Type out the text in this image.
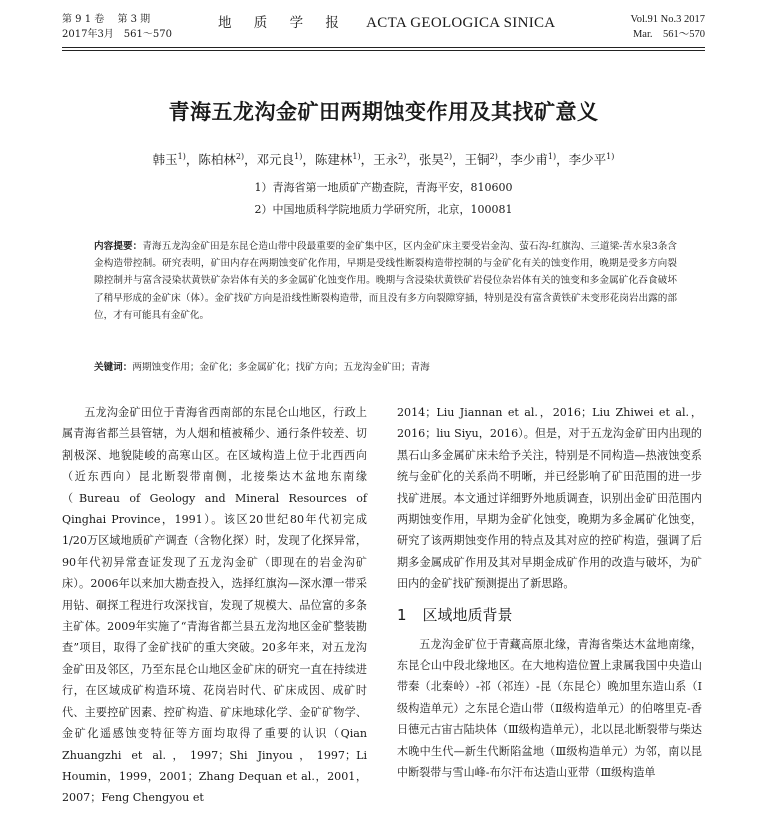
第 9 1 卷　 第 3 期
2017年3月　561～570
地 质 学 报 ACTA GEOLOGICA SINICA	Vol.91 No.3 2017
Mar.　561～570
青海五龙沟金矿田两期蚀变作用及其找矿意义
韩玉$^{1)}$，陈柏林$^{2)}$，邓元良$^{1)}$，陈建林$^{1)}$，王永$^{2)}$，张昊$^{2)}$，王铜$^{2)}$，李少甫$^{1)}$，李少平$^{1)}$
1）青海省第一地质矿产勘查院，青海平安，810600
2）中国地质科学院地质力学研究所，北京，100081
内容提要：青海五龙沟金矿田是东昆仑造山带中段最重要的金矿集中区，区内金矿床主要受岩金沟、萤石沟-红旗沟、三道梁-苦水泉3条含金构造带控制。研究表明，矿田内存在两期蚀变矿化作用，早期是受线性断裂构造带控制的与金矿化有关的蚀变作用，晚期是受多方向裂隙控制并与富含浸染状黄铁矿杂岩体有关的多金属矿化蚀变作用。晚期与含浸染状黄铁矿岩侵位杂岩体有关的蚀变和多金属矿化吞食破坏了稍早形成的金矿床（体）。金矿找矿方向是沿线性断裂构造带，而且没有多方向裂隙穿插，特别是没有富含黄铁矿未变形花岗岩出露的部位，才有可能具有金矿化。
关键词：两期蚀变作用；金矿化；多金属矿化；找矿方向；五龙沟金矿田；青海

五龙沟金矿田位于青海省西南部的东昆仑山地区，行政上属青海省都兰县管辖，为人烟和植被稀少、通行条件较差、切割极深、地貌陡峻的高寒山区。在区域构造上位于北西西向（近东西向）昆北断裂带南侧，北接柴达木盆地东南缘（Bureau of Geology and Mineral Resources of Qinghai Province，1991）。该区20世纪80年代初完成1/20万区域地质矿产调查（含物化探）时，发现了化探异常，90年代初异常查证发现了五龙沟金矿（即现在的岩金沟矿床）。2006年以来加大勘查投入，选择红旗沟—深水潭一带采用钻、硐探工程进行攻深找盲，发现了规模大、品位富的多条主矿体。2009年实施了“青海省都兰县五龙沟地区金矿整装勘查”项目，取得了金矿找矿的重大突破。20多年来，对五龙沟金矿田及邻区，乃至东昆仑山地区金矿床的研究一直在持续进行，在区域成矿构造环境、花岗岩时代、矿床成因、成矿时代、主要控矿因素、控矿构造、矿床地球化学、金矿矿物学、金矿化遥感蚀变特征等方面均取得了重要的认识（Qian Zhuangzhi et al.，1997；Shi Jinyou，1997；Li Houmin，1999，2001；Zhang Dequan et al.，2001，2007；Feng Chengyou et

2014；Liu Jiannan et al.，2016；Liu Zhiwei et al.，2016；liu Siyu，2016）。但是，对于五龙沟金矿田内出现的黑石山多金属矿床未给予关注，特别是不同构造—热液蚀变系统与金矿化的关系尚不明晰，并已经影响了矿田范围的进一步找矿进展。本文通过详细野外地质调查，识别出金矿田范围内两期蚀变作用，早期为金矿化蚀变，晚期为多金属矿化蚀变，研究了该两期蚀变作用的特点及其对应的控矿构造，强调了后期多金属成矿作用及其对早期金成矿作用的改造与破坏，为矿田内的金矿找矿预测提出了新思路。

1 区域地质背景

五龙沟金矿位于青藏高原北缘，青海省柴达木盆地南缘，东昆仑山中段北缘地区。在大地构造位置上隶属我国中央造山带秦（北秦岭）-祁（祁连）-昆（东昆仑）晚加里东造山系（Ⅰ级构造单元）之东昆仑造山带（Ⅱ级构造单元）的伯喀里克-香日德元古宙古陆块体（Ⅲ级构造单元），北以昆北断裂带与柴达木晚中生代—新生代断陷盆地（Ⅲ级构造单元）为邻，南以昆中断裂带与雪山峰-布尔汗布达造山亚带（Ⅲ级构造单
